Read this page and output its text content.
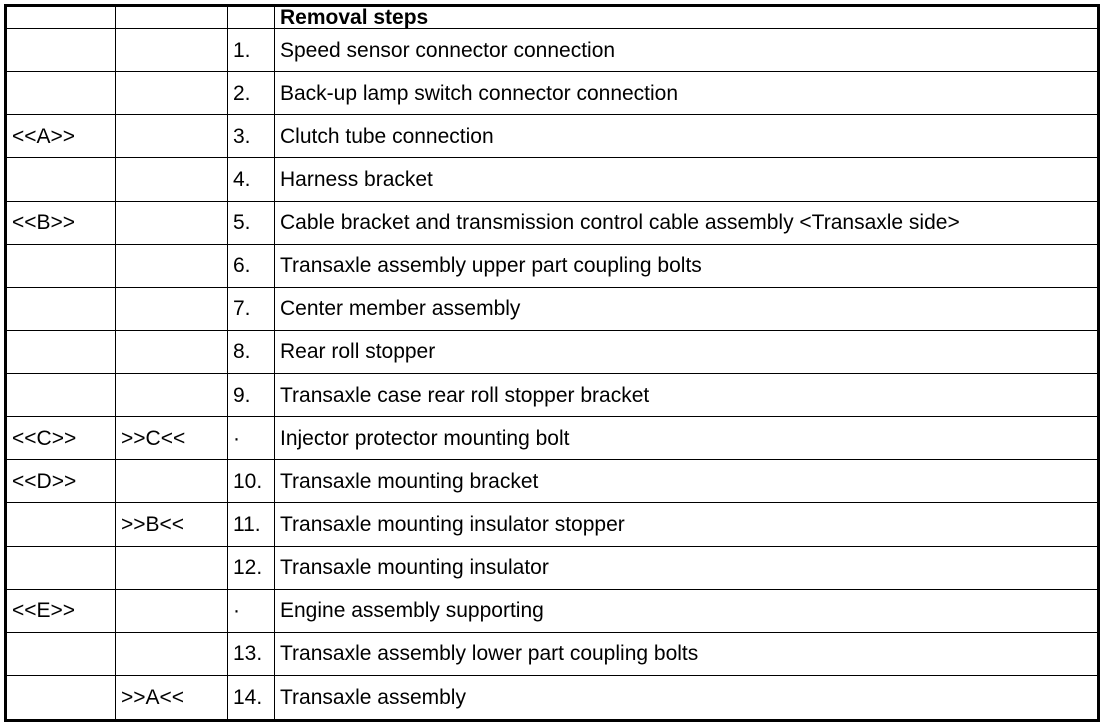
			Removal steps
		1.	Speed sensor connector connection
		2.	Back-up lamp switch connector connection
<<A>>		3.	Clutch tube connection
		4.	Harness bracket
<<B>>		5.	Cable bracket and transmission control cable assembly <Transaxle side>
		6.	Transaxle assembly upper part coupling bolts
		7.	Center member assembly
		8.	Rear roll stopper
		9.	Transaxle case rear roll stopper bracket
<<C>>	>>C<<	·	Injector protector mounting bolt
<<D>>		10.	Transaxle mounting bracket
	>>B<<	11.	Transaxle mounting insulator stopper
		12.	Transaxle mounting insulator
<<E>>		·	Engine assembly supporting
		13.	Transaxle assembly lower part coupling bolts
	>>A<<	14.	Transaxle assembly
